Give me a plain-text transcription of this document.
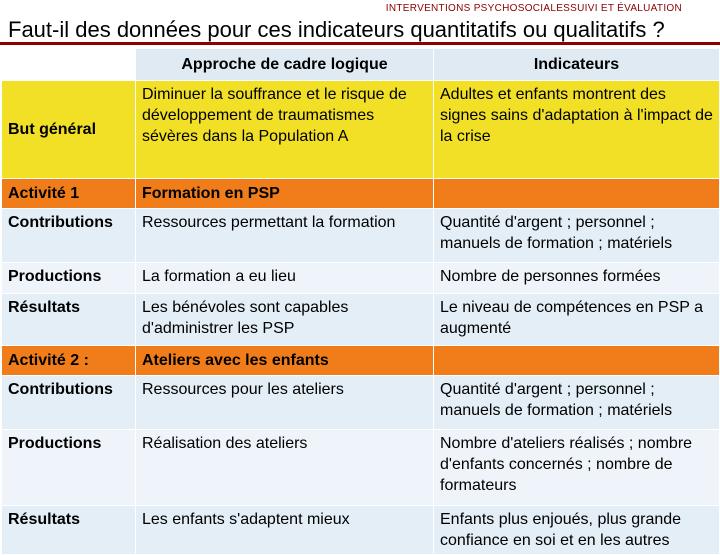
INTERVENTIONS PSYCHOSOCIALESSUIVI ET ÉVALUATION
Faut-il des données pour ces indicateurs quantitatifs ou qualitatifs ?
	Approche de cadre logique	Indicateurs
But général	Diminuer la souffrance et le risque de développement de traumatismes sévères dans la Population A	Adultes et enfants montrent des signes sains d'adaptation à l'impact de la crise
Activité 1	Formation en PSP	
Contributions	Ressources permettant la formation	Quantité d'argent ; personnel ; manuels de formation ; matériels
Productions	La formation a eu lieu	Nombre de personnes formées
Résultats	Les bénévoles sont capables d'administrer les PSP	Le niveau de compétences en PSP a augmenté
Activité 2 :	Ateliers avec les enfants	
Contributions	Ressources pour les ateliers	Quantité d'argent ; personnel ; manuels de formation ; matériels
Productions	Réalisation des ateliers	Nombre d'ateliers réalisés ; nombre d'enfants concernés ; nombre de formateurs
Résultats	Les enfants s'adaptent mieux	Enfants plus enjoués, plus grande confiance en soi et en les autres
